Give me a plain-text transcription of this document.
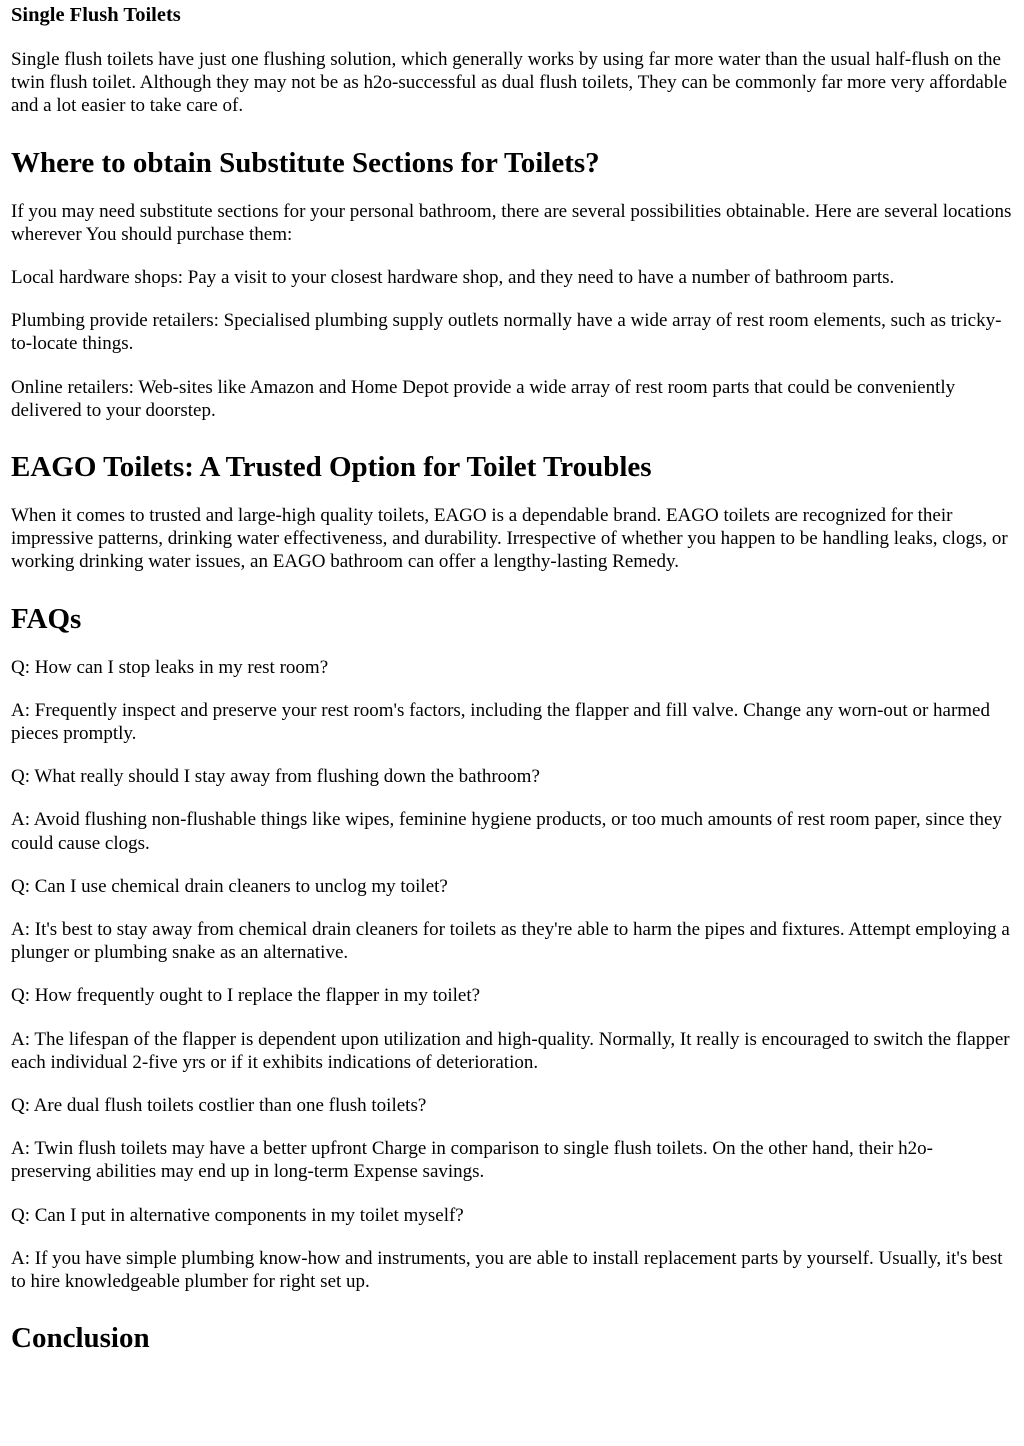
Single Flush Toilets

Single flush toilets have just one flushing solution, which generally works by using far more water than the usual half-flush on the twin flush toilet. Although they may not be as h2o-successful as dual flush toilets, They can be commonly far more very affordable and a lot easier to take care of.

Where to obtain Substitute Sections for Toilets?

If you may need substitute sections for your personal bathroom, there are several possibilities obtainable. Here are several locations wherever You should purchase them:

Local hardware shops: Pay a visit to your closest hardware shop, and they need to have a number of bathroom parts.

Plumbing provide retailers: Specialised plumbing supply outlets normally have a wide array of rest room elements, such as tricky-to-locate things.

Online retailers: Web-sites like Amazon and Home Depot provide a wide array of rest room parts that could be conveniently delivered to your doorstep.

EAGO Toilets: A Trusted Option for Toilet Troubles

When it comes to trusted and large-high quality toilets, EAGO is a dependable brand. EAGO toilets are recognized for their impressive patterns, drinking water effectiveness, and durability. Irrespective of whether you happen to be handling leaks, clogs, or working drinking water issues, an EAGO bathroom can offer a lengthy-lasting Remedy.

FAQs

Q: How can I stop leaks in my rest room?

A: Frequently inspect and preserve your rest room's factors, including the flapper and fill valve. Change any worn-out or harmed pieces promptly.

Q: What really should I stay away from flushing down the bathroom?

A: Avoid flushing non-flushable things like wipes, feminine hygiene products, or too much amounts of rest room paper, since they could cause clogs.

Q: Can I use chemical drain cleaners to unclog my toilet?

A: It's best to stay away from chemical drain cleaners for toilets as they're able to harm the pipes and fixtures. Attempt employing a plunger or plumbing snake as an alternative.

Q: How frequently ought to I replace the flapper in my toilet?

A: The lifespan of the flapper is dependent upon utilization and high-quality. Normally, It really is encouraged to switch the flapper each individual 2-five yrs or if it exhibits indications of deterioration.

Q: Are dual flush toilets costlier than one flush toilets?

A: Twin flush toilets may have a better upfront Charge in comparison to single flush toilets. On the other hand, their h2o-preserving abilities may end up in long-term Expense savings.

Q: Can I put in alternative components in my toilet myself?

A: If you have simple plumbing know-how and instruments, you are able to install replacement parts by yourself. Usually, it's best to hire knowledgeable plumber for right set up.

Conclusion
